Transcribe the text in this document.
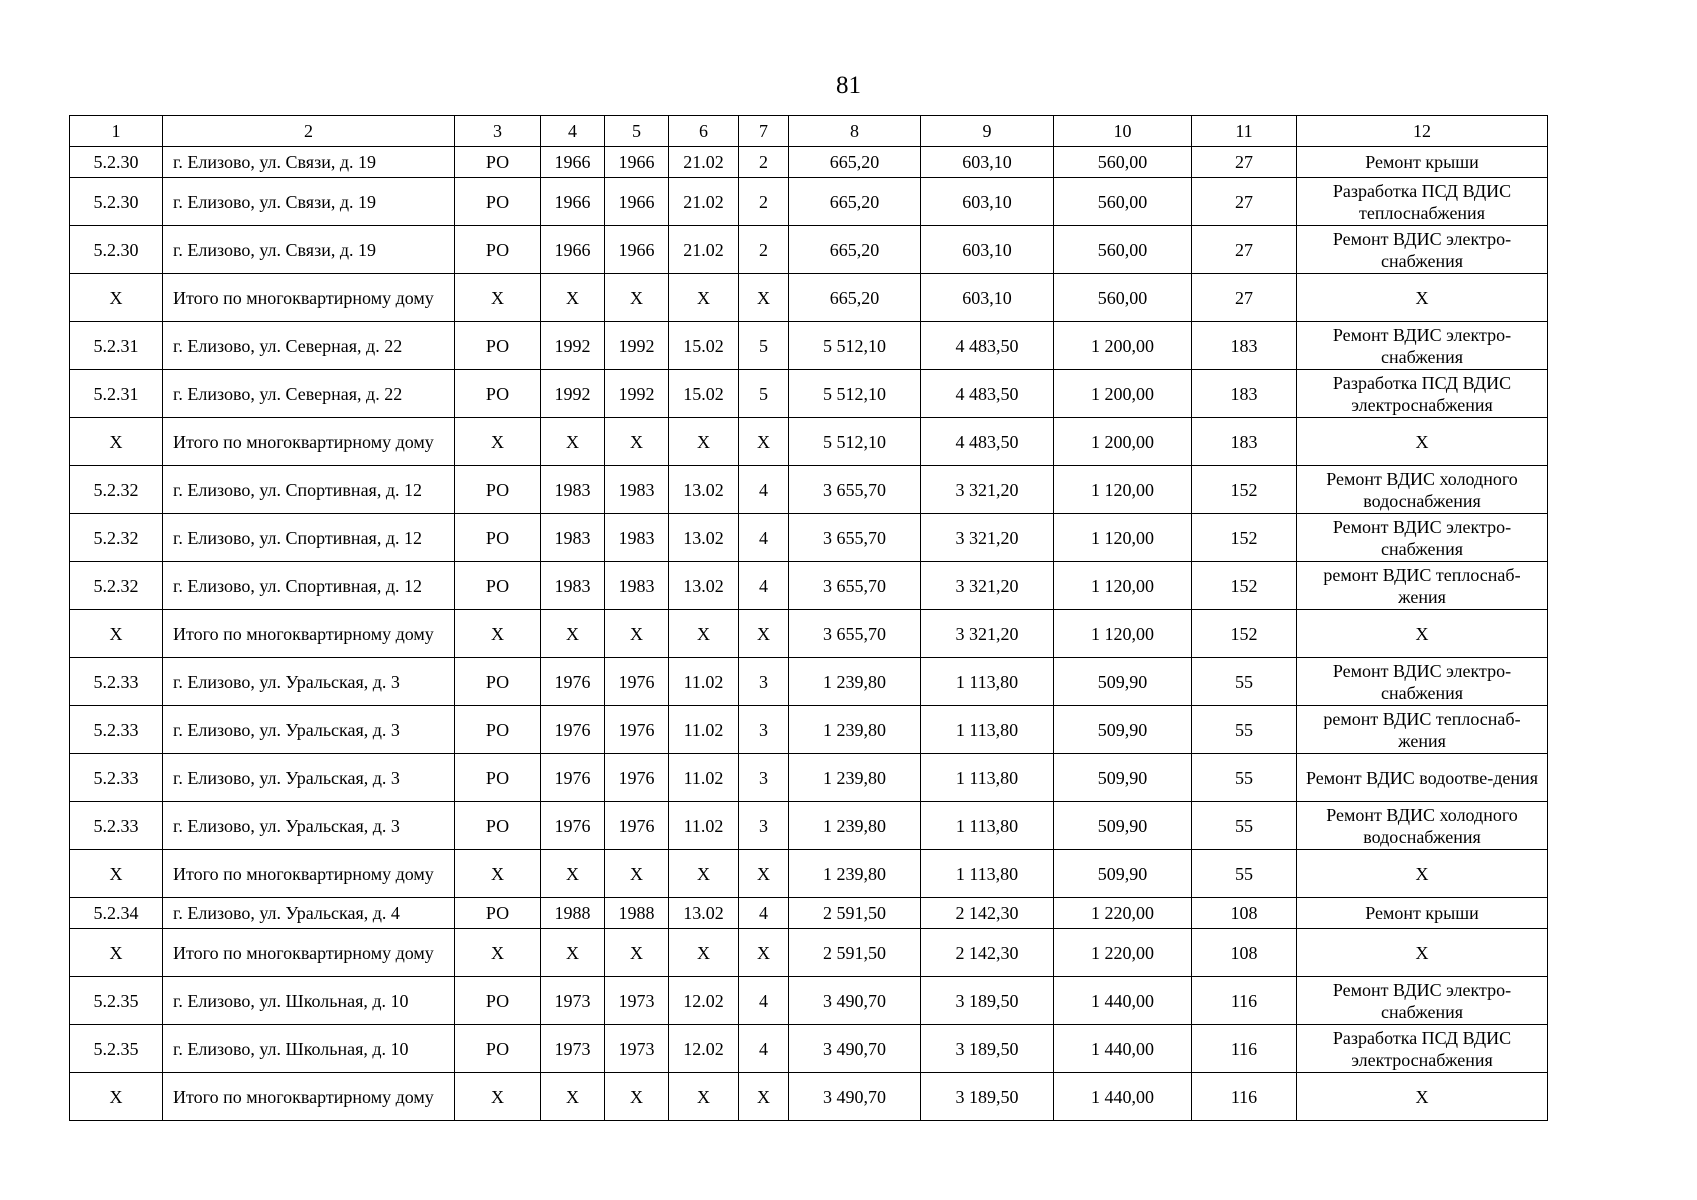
81
1	2	3	4	5	6	7	8	9	10	11	12
5.2.30	г. Елизово, ул. Связи, д. 19	РО	1966	1966	21.02	2	665,20	603,10	560,00	27	Ремонт крыши
5.2.30	г. Елизово, ул. Связи, д. 19	РО	1966	1966	21.02	2	665,20	603,10	560,00	27	Разработка ПСД ВДИС теплоснабжения
5.2.30	г. Елизово, ул. Связи, д. 19	РО	1966	1966	21.02	2	665,20	603,10	560,00	27	Ремонт ВДИС электро-снабжения
Х	Итого по многоквартирному дому	Х	Х	Х	Х	Х	665,20	603,10	560,00	27	Х
5.2.31	г. Елизово, ул. Северная, д. 22	РО	1992	1992	15.02	5	5 512,10	4 483,50	1 200,00	183	Ремонт ВДИС электро-снабжения
5.2.31	г. Елизово, ул. Северная, д. 22	РО	1992	1992	15.02	5	5 512,10	4 483,50	1 200,00	183	Разработка ПСД ВДИС электроснабжения
Х	Итого по многоквартирному дому	Х	Х	Х	Х	Х	5 512,10	4 483,50	1 200,00	183	Х
5.2.32	г. Елизово, ул. Спортивная, д. 12	РО	1983	1983	13.02	4	3 655,70	3 321,20	1 120,00	152	Ремонт ВДИС холодного водоснабжения
5.2.32	г. Елизово, ул. Спортивная, д. 12	РО	1983	1983	13.02	4	3 655,70	3 321,20	1 120,00	152	Ремонт ВДИС электро-снабжения
5.2.32	г. Елизово, ул. Спортивная, д. 12	РО	1983	1983	13.02	4	3 655,70	3 321,20	1 120,00	152	ремонт ВДИС теплоснаб-жения
Х	Итого по многоквартирному дому	Х	Х	Х	Х	Х	3 655,70	3 321,20	1 120,00	152	Х
5.2.33	г. Елизово, ул. Уральская, д. 3	РО	1976	1976	11.02	3	1 239,80	1 113,80	509,90	55	Ремонт ВДИС электро-снабжения
5.2.33	г. Елизово, ул. Уральская, д. 3	РО	1976	1976	11.02	3	1 239,80	1 113,80	509,90	55	ремонт ВДИС теплоснаб-жения
5.2.33	г. Елизово, ул. Уральская, д. 3	РО	1976	1976	11.02	3	1 239,80	1 113,80	509,90	55	Ремонт ВДИС водоотве-дения
5.2.33	г. Елизово, ул. Уральская, д. 3	РО	1976	1976	11.02	3	1 239,80	1 113,80	509,90	55	Ремонт ВДИС холодного водоснабжения
Х	Итого по многоквартирному дому	Х	Х	Х	Х	Х	1 239,80	1 113,80	509,90	55	Х
5.2.34	г. Елизово, ул. Уральская, д. 4	РО	1988	1988	13.02	4	2 591,50	2 142,30	1 220,00	108	Ремонт крыши
Х	Итого по многоквартирному дому	Х	Х	Х	Х	Х	2 591,50	2 142,30	1 220,00	108	Х
5.2.35	г. Елизово, ул. Школьная, д. 10	РО	1973	1973	12.02	4	3 490,70	3 189,50	1 440,00	116	Ремонт ВДИС электро-снабжения
5.2.35	г. Елизово, ул. Школьная, д. 10	РО	1973	1973	12.02	4	3 490,70	3 189,50	1 440,00	116	Разработка ПСД ВДИС электроснабжения
Х	Итого по многоквартирному дому	Х	Х	Х	Х	Х	3 490,70	3 189,50	1 440,00	116	Х
